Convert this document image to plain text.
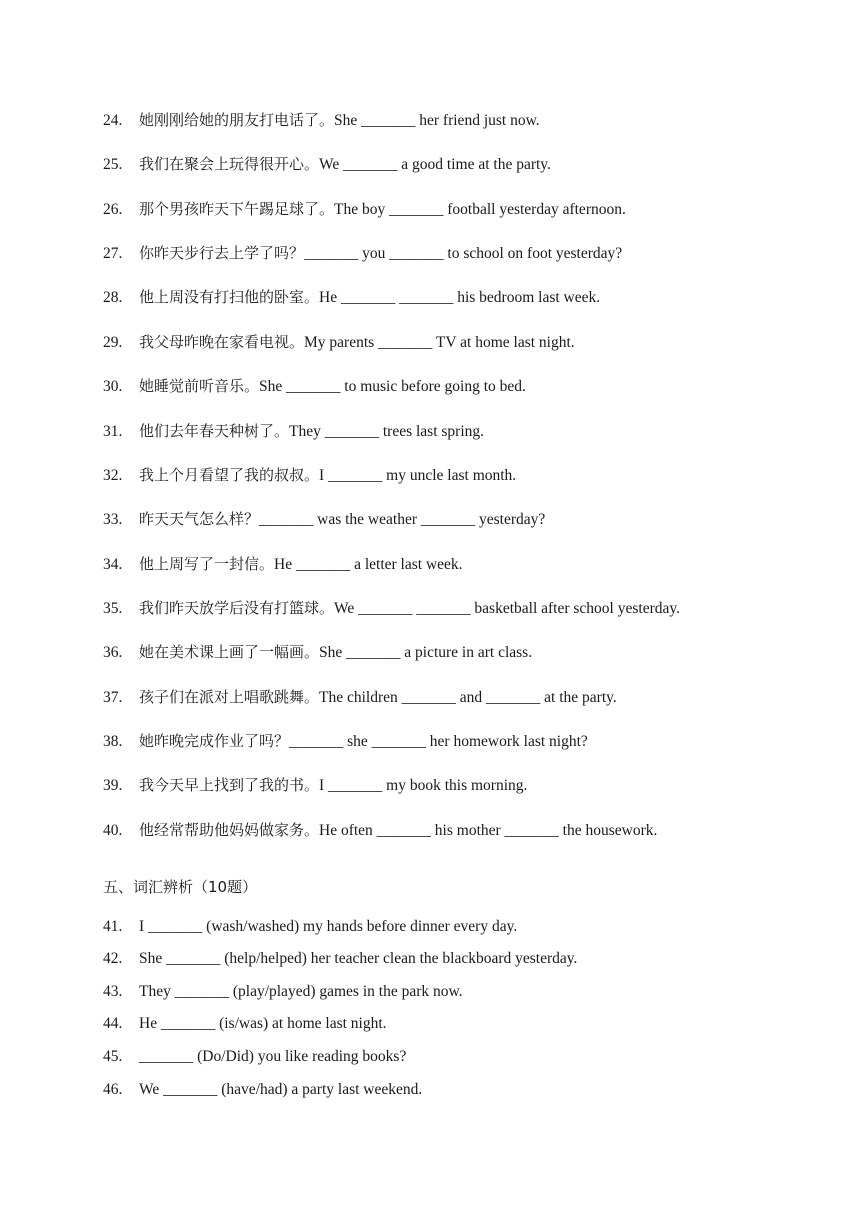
24. 她刚刚给她的朋友打电话了。She _______ her friend just now.
25. 我们在聚会上玩得很开心。We _______ a good time at the party.
26. 那个男孩昨天下午踢足球了。The boy _______ football yesterday afternoon.
27. 你昨天步行去上学了吗？_______ you _______ to school on foot yesterday?
28. 他上周没有打扫他的卧室。He _______ _______ his bedroom last week.
29. 我父母昨晚在家看电视。My parents _______ TV at home last night.
30. 她睡觉前听音乐。She _______ to music before going to bed.
31. 他们去年春天种树了。They _______ trees last spring.
32. 我上个月看望了我的叔叔。I _______ my uncle last month.
33. 昨天天气怎么样？_______ was the weather _______ yesterday?
34. 他上周写了一封信。He _______ a letter last week.
35. 我们昨天放学后没有打篮球。We _______ _______ basketball after school yesterday.
36. 她在美术课上画了一幅画。She _______ a picture in art class.
37. 孩子们在派对上唱歌跳舞。The children _______ and _______ at the party.
38. 她昨晚完成作业了吗？_______ she _______ her homework last night?
39. 我今天早上找到了我的书。I _______ my book this morning.
40. 他经常帮助他妈妈做家务。He often _______ his mother _______ the housework.
五、词汇辨析（10题）
41. I _______ (wash/washed) my hands before dinner every day.
42. She _______ (help/helped) her teacher clean the blackboard yesterday.
43. They _______ (play/played) games in the park now.
44. He _______ (is/was) at home last night.
45. _______ (Do/Did) you like reading books?
46. We _______ (have/had) a party last weekend.
